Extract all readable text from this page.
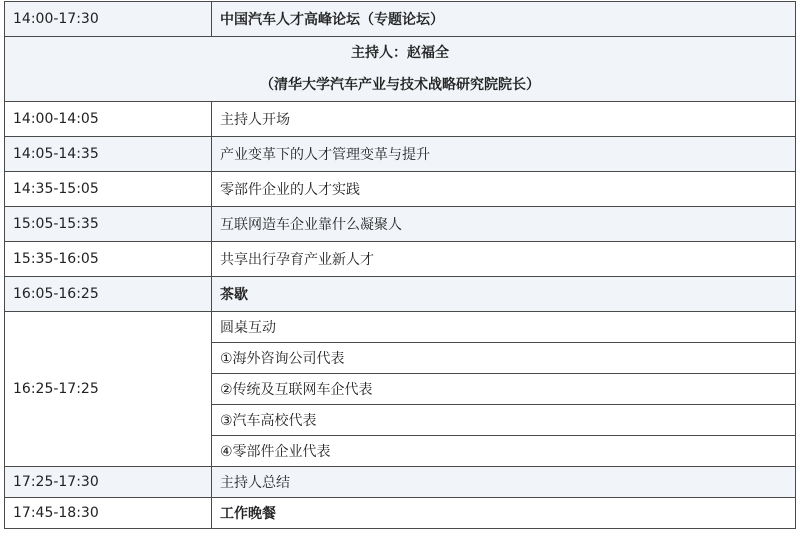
14:00-17:30	中国汽车人才高峰论坛（专题论坛）

主持人：赵福全
（清华大学汽车产业与技术战略研究院院长）	

14:00-14:05	主持人开场
14:05-14:35	产业变革下的人才管理变革与提升
14:35-15:05	零部件企业的人才实践
15:05-15:35	互联网造车企业靠什么凝聚人
15:35-16:05	共享出行孕育产业新人才
16:05-16:25	茶歇
16:25-17:25	圆桌互动
	①海外咨询公司代表
	②传统及互联网车企代表
	③汽车高校代表
	④零部件企业代表
17:25-17:30	主持人总结
17:45-18:30	工作晚餐
